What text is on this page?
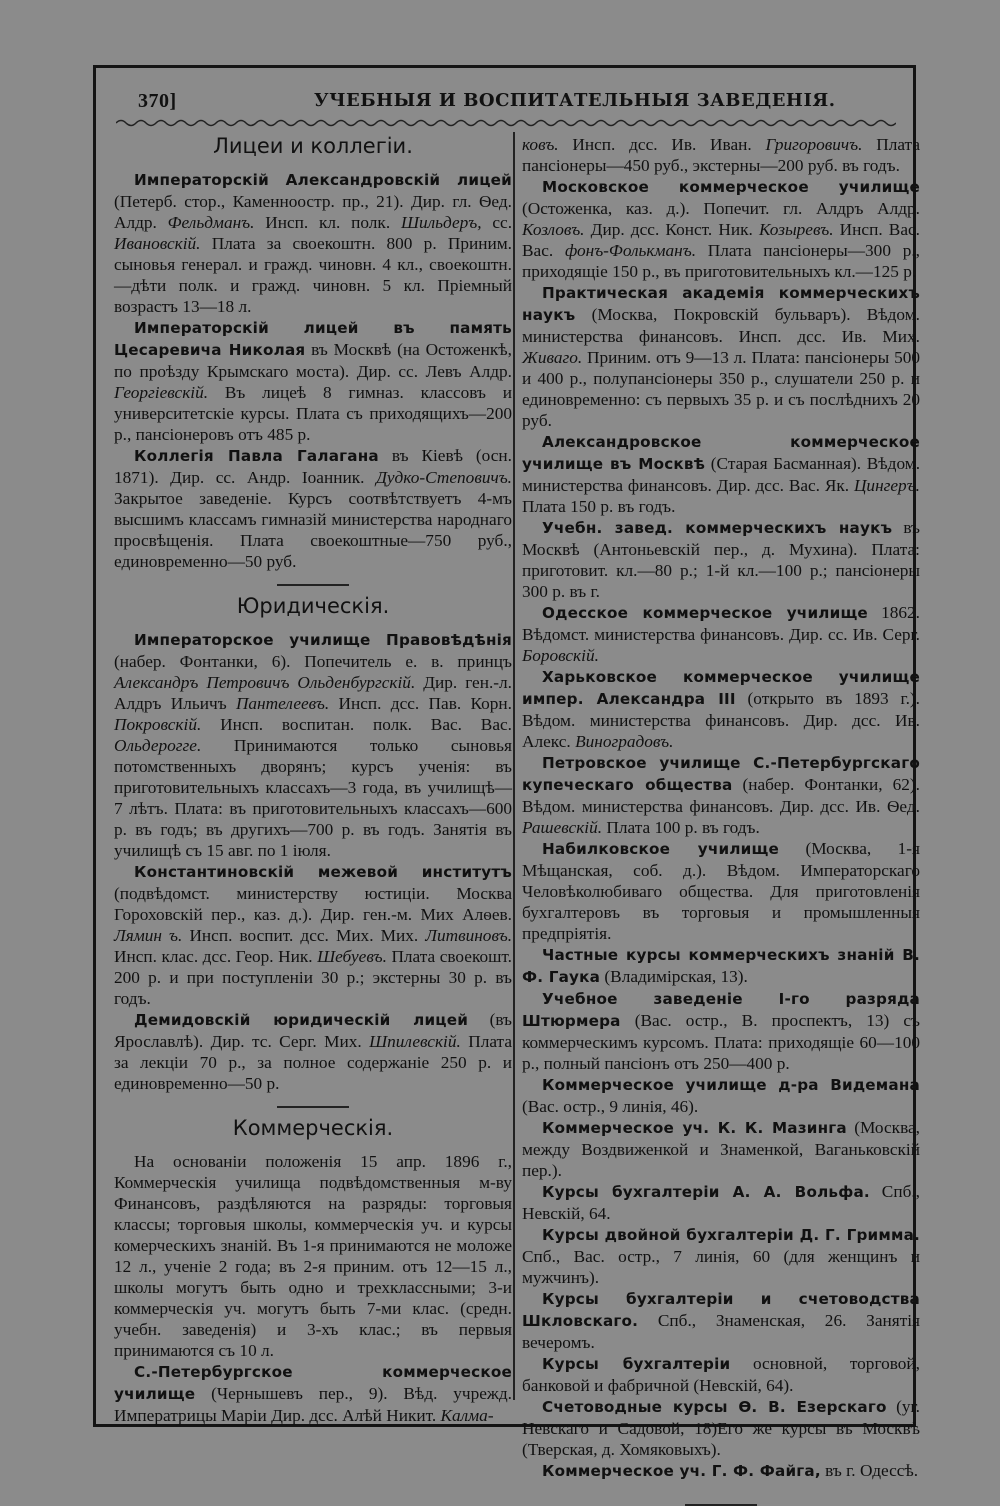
370]	УЧЕБНЫЯ И ВОСПИТАТЕЛЬНЫЯ ЗАВЕДЕНІЯ.
Лицеи и коллегіи.

Императорскій Александровскій лицей (Петерб. стор., Каменноостр. пр., 21). Дир. гл. Ѳед. Алдр. Фельдманъ. Инсп. кл. полк. Шильдеръ, сс. Ивановскій. Плата за своекоштн. 800 р. Приним. сыновья генерал. и гражд. чиновн. 4 кл., своекоштн.—дѣти полк. и гражд. чиновн. 5 кл. Пріемный возрастъ 13—18 л.

Императорскій лицей въ память Цесаревича Николая въ Москвѣ (на Остоженкѣ, по проѣзду Крымскаго моста). Дир. сс. Левъ Алдр. Георгіевскій. Въ лицеѣ 8 гимназ. классовъ и университетскіе курсы. Плата съ приходящихъ—200 р., пансіонеровъ отъ 485 р.

Коллегія Павла Галагана въ Кіевѣ (осн. 1871). Дир. сс. Андр. Іоанник. Дудко-Степовичъ. Закрытое заведеніе. Курсъ соотвѣтствуетъ 4-мъ высшимъ классамъ гимназій министерства народнаго просвѣщенія. Плата своекоштные—750 руб., единовременно—50 руб.

Юридическія.

Императорское училище Правовѣдѣнія (набер. Фонтанки, 6). Попечитель е. в. принцъ Александръ Петровичъ Ольденбургскій. Дир. ген.-л. Алдръ Ильичъ Пантелеевъ. Инсп. дсс. Пав. Корн. Покровскій. Инсп. воспитан. полк. Вас. Вас. Ольдерогге. Принимаются только сыновья потомственныхъ дворянъ; курсъ ученія: въ приготовительныхъ классахъ—3 года, въ училищѣ—7 лѣтъ. Плата: въ приготовительныхъ классахъ—600 р. въ годъ; въ другихъ—700 р. въ годъ. Занятія въ училищѣ съ 15 авг. по 1 іюля.

Константиновскій межевой институтъ (подвѣдомст. министерству юстиціи. Москва Гороховскій пер., каз. д.). Дир. ген.-м. Мих Алѳев. Лямин ъ. Инсп. воспит. дсс. Мих. Мих. Литвиновъ. Инсп. клас. дсс. Геор. Ник. Шебуевъ. Плата своекошт. 200 р. и при поступленіи 30 р.; экстерны 30 р. въ годъ.

Демидовскій юридическій лицей (въ Ярославлѣ). Дир. тс. Серг. Мих. Шпилевскій. Плата за лекціи 70 р., за полное содержаніе 250 р. и единовременно—50 р.

Коммерческія.

На основаніи положенія 15 апр. 1896 г., Коммерческія училища подвѣдомственныя м-ву Финансовъ, раздѣляются на разряды: торговыя классы; торговыя школы, коммерческія уч. и курсы комерческихъ знаній. Въ 1-я принимаются не моложе 12 л., ученіе 2 года; въ 2-я приним. отъ 12—15 л., школы могутъ быть одно и трехклассными; 3-и коммерческія уч. могутъ быть 7-ми клас. (средн. учебн. заведенія) и 3-хъ клас.; въ первыя принимаются съ 10 л.

С.-Петербургское коммерческое училище (Чернышевъ пер., 9). Вѣд. учрежд. Императрицы Маріи Дир. дсс. Алѣй Никит. Калма-

ковъ. Инсп. дсс. Ив. Иван. Григоровичъ. Плата пансіонеры—450 руб., экстерны—200 руб. въ годъ.

Московское коммерческое училище (Остоженка, каз. д.). Попечит. гл. Алдръ Алдр. Козловъ. Дир. дсс. Конст. Ник. Козыревъ. Инсп. Вас. Вас. фонъ-Фолькманъ. Плата пансіонеры—300 р., приходящіе 150 р., въ приготовительныхъ кл.—125 р.

Практическая академія коммерческихъ наукъ (Москва, Покровскій бульваръ). Вѣдом. министерства финансовъ. Инсп. дсс. Ив. Мих. Живаго. Приним. отъ 9—13 л. Плата: пансіонеры 500 и 400 р., полупансіонеры 350 р., слушатели 250 р. и единовременно: съ первыхъ 35 р. и съ послѣднихъ 20 руб.

Александровское коммерческое училище въ Москвѣ (Старая Басманная). Вѣдом. министерства финансовъ. Дир. дсс. Вас. Як. Цингеръ. Плата 150 р. въ годъ.

Учебн. завед. коммерческихъ наукъ въ Москвѣ (Антоньевскій пер., д. Мухина). Плата: приготовит. кл.—80 р.; 1-й кл.—100 р.; пансіонеры 300 р. въ г.

Одесское коммерческое училище 1862. Вѣдомст. министерства финансовъ. Дир. сс. Ив. Серг. Боровскій.

Харьковское коммерческое училище импер. Александра III (открыто въ 1893 г.). Вѣдом. министерства финансовъ. Дир. дсс. Ив. Алекс. Виноградовъ.

Петровское училище С.-Петербургскаго купеческаго общества (набер. Фонтанки, 62). Вѣдом. министерства финансовъ. Дир. дсс. Ив. Ѳед. Рашевскій. Плата 100 р. въ годъ.

Набилковское училище (Москва, 1-я Мѣщанская, соб. д.). Вѣдом. Императорскаго Человѣколюбиваго общества. Для приготовленія бухгалтеровъ въ торговыя и промышленныя предпріятія.

Частные курсы коммерческихъ знаній В. Ф. Гаука (Владимірская, 13).

Учебное заведеніе I-го разряда Штюрмера (Вас. остр., В. проспектъ, 13) съ коммерческимъ курсомъ. Плата: приходящіе 60—100 р., полный пансіонъ отъ 250—400 р.

Коммерческое училище д-ра Видемана (Вас. остр., 9 линія, 46).

Коммерческое уч. К. К. Мазинга (Москва, между Воздвиженкой и Знаменкой, Ваганьковскій пер.).

Курсы бухгалтеріи А. А. Вольфа. Спб., Невскій, 64.

Курсы двойной бухгалтеріи Д. Г. Гримма. Спб., Вас. остр., 7 линія, 60 (для женщинъ и мужчинъ).

Курсы бухгалтеріи и счетоводства Шкловскаго. Спб., Знаменская, 26. Занятія вечеромъ.

Курсы бухгалтеріи основной, торговой, банковой и фабричной (Невскій, 64).

Счетоводные курсы Ѳ. В. Езерскаго (уг. Невскаго и Садовой, 18)Его же курсы въ Москвѣ (Тверская, д. Хомяковыхъ).

Коммерческое уч. Г. Ф. Файга, въ г. Одессѣ.
